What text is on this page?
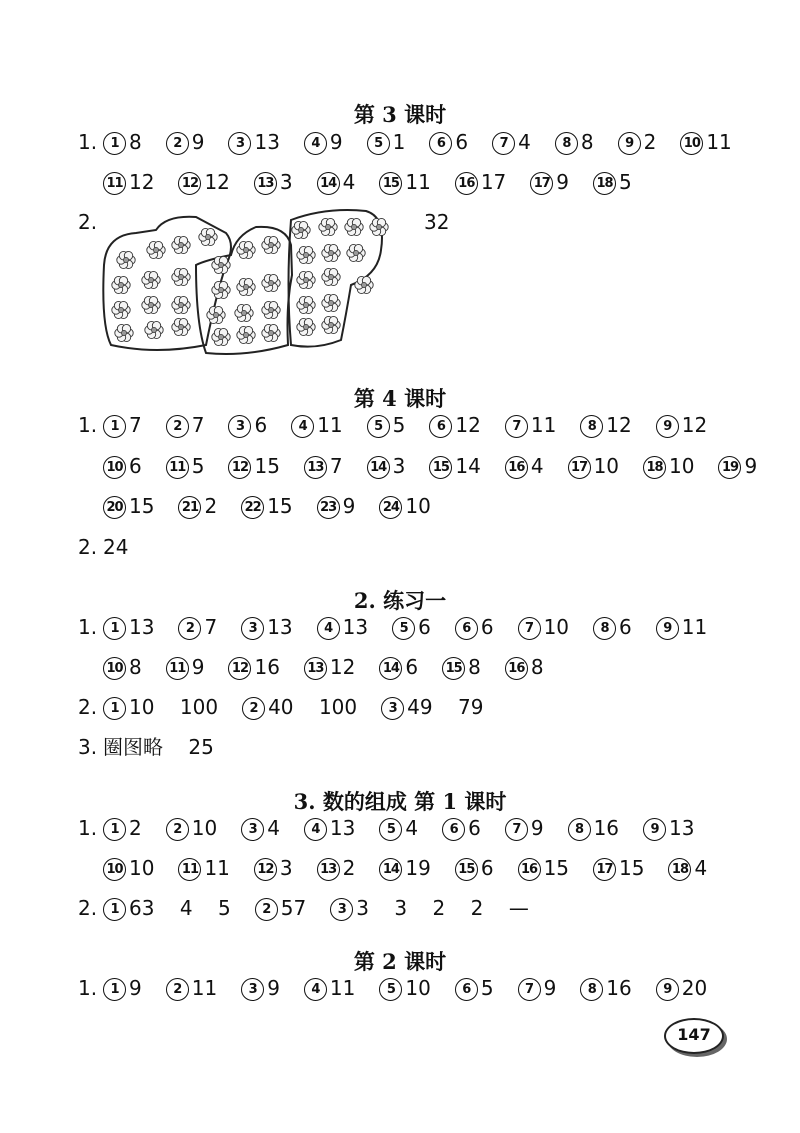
第 3 课时
1. 1 8 2 9 3 13 4 9 5 1 6 6 7 4 8 8 9 2 10 11
11 12 12 12 13 3 14 4 15 11 16 17 17 9 18 5
2.	32
第 4 课时
1. 1 7 2 7 3 6 4 11 5 5 6 12 7 11 8 12 9 12
10 6 11 5 12 15 13 7 14 3 15 14 16 4 17 10 18 10 19 9
20 15 21 2 22 15 23 9 24 10
2. 24
2. 练习一
1. 1 13 2 7 3 13 4 13 5 6 6 6 7 10 8 6 9 11
10 8 11 9 12 16 13 12 14 6 15 8 16 8
2. 1 10    100 2 40    100 3 49    79
3. 圈图略    25
3. 数的组成 第 1 课时
1. 1 2 2 10 3 4 4 13 5 4 6 6 7 9 8 16 9 13
10 10 11 11 12 3 13 2 14 19 15 6 16 15 17 15 18 4
2. 1 63    4    5 2 57 3 3    3    2    2    —
第 2 课时
1. 1 9 2 11 3 9 4 11 5 10 6 5 7 9 8 16 9 20
147
